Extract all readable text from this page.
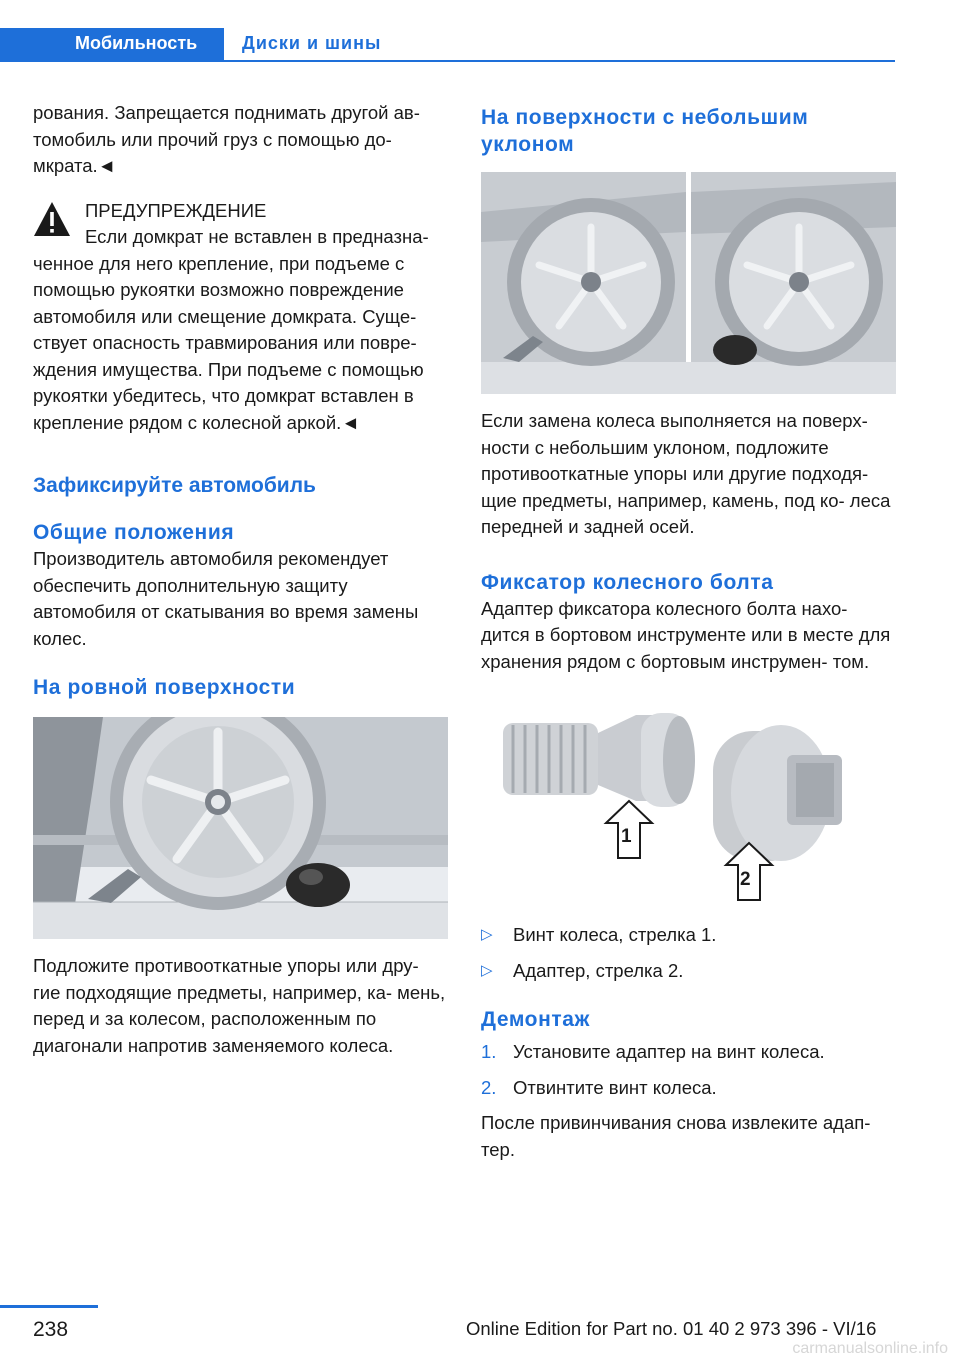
Мобильность	Диски и шины

рования. Запрещается поднимать другой ав- томобиль или прочий груз с помощью до- мкрата.◄

ПРЕДУПРЕЖДЕНИЕ

Если домкрат не вставлен в предназна-

ченное для него крепление, при подъеме с помощью рукоятки возможно повреждение автомобиля или смещение домкрата. Суще- ствует опасность травмирования или повре- ждения имущества. При подъеме с помощью рукоятки убедитесь, что домкрат вставлен в крепление рядом с колесной аркой.◄

Зафиксируйте автомобиль
Общие положения

Производитель автомобиля рекомендует обеспечить дополнительную защиту автомобиля от скатывания во время замены колес.

На ровной поверхности

Подложите противооткатные упоры или дру- гие подходящие предметы, например, ка- мень, перед и за колесом, расположенным по диагонали напротив заменяемого колеса.

На поверхности с небольшим уклоном

Если замена колеса выполняется на поверх- ности с небольшим уклоном, подложите противооткатные упоры или другие подходя- щие предметы, например, камень, под ко- леса передней и задней осей.

Фиксатор колесного болта

Адаптер фиксатора колесного болта нахо- дится в бортовом инструменте или в месте для хранения рядом с бортовым инструмен- том.

1
2
▷ Винт колеса, стрелка 1.
▷ Адаптер, стрелка 2.
Демонтаж
1. Установите адаптер на винт колеса.
2. Отвинтите винт колеса.

После привинчивания снова извлеките адап- тер.

238	Online Edition for Part no. 01 40 2 973 396 - VI/16
carmanualsonline.info
